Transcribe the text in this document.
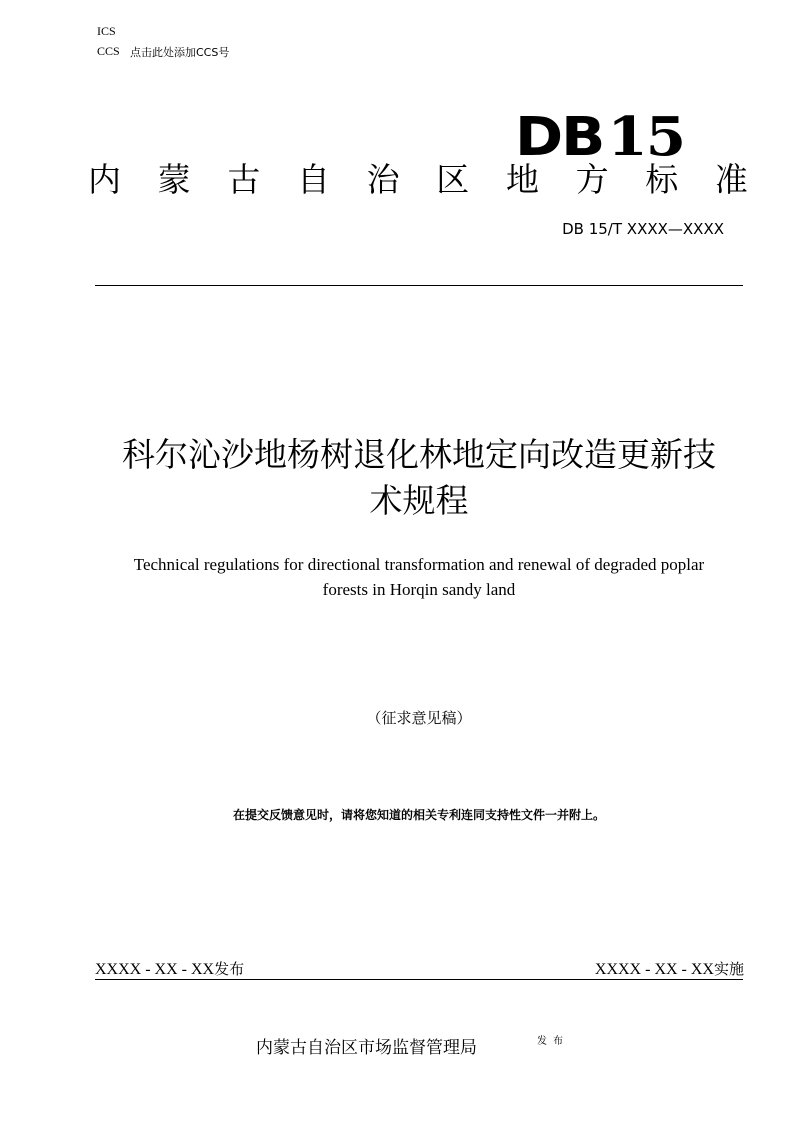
ICS
CCS 点击此处添加CCS号
DB15
内 蒙 古 自 治 区 地 方 标 准
DB 15/T XXXX—XXXX
科尔沁沙地杨树退化林地定向改造更新技
术规程
Technical regulations for directional transformation and renewal of degraded poplar
forests in Horqin sandy land
（征求意见稿）
在提交反馈意见时，请将您知道的相关专利连同支持性文件一并附上。
XXXX - XX - XX发布	XXXX - XX - XX实施
内蒙古自治区市场监督管理局	发布
